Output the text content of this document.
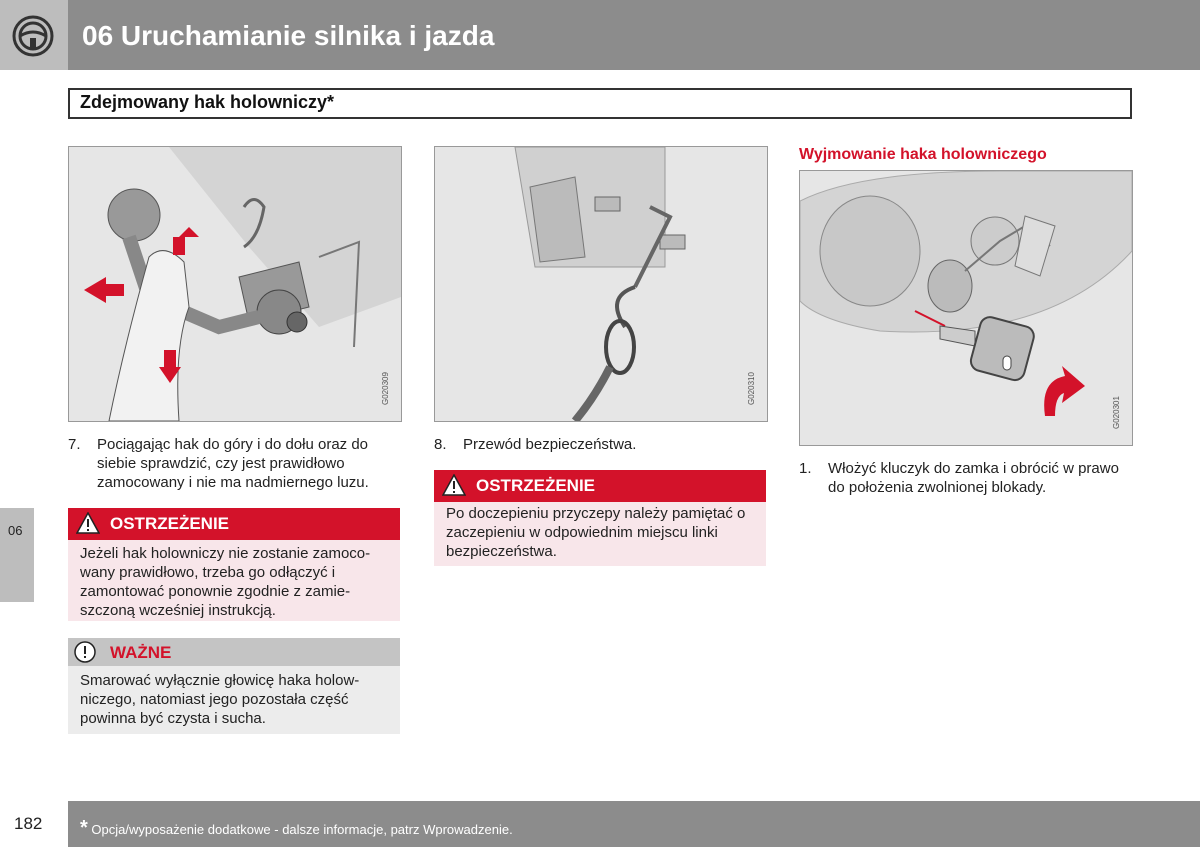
06 Uruchamianie silnika i jazda
Zdejmowany hak holowniczy*
G020309
7. Pociągając hak do góry i do dołu oraz do siebie sprawdzić, czy jest prawidłowo zamocowany i nie ma nadmiernego luzu.
OSTRZEŻENIE
Jeżeli hak holowniczy nie zostanie zamoco-wany prawidłowo, trzeba go odłączyć i zamontować ponownie zgodnie z zamie-szczoną wcześniej instrukcją.
WAŻNE
Smarować wyłącznie głowicę haka holow-niczego, natomiast jego pozostała część powinna być czysta i sucha.
G020310
8. Przewód bezpieczeństwa.
OSTRZEŻENIE
Po doczepieniu przyczepy należy pamiętać o zaczepieniu w odpowiednim miejscu linki bezpieczeństwa.
Wyjmowanie haka holowniczego
G020301
1. Włożyć kluczyk do zamka i obrócić w prawo do położenia zwolnionej blokady.
06
182 * Opcja/wyposażenie dodatkowe - dalsze informacje, patrz Wprowadzenie.
